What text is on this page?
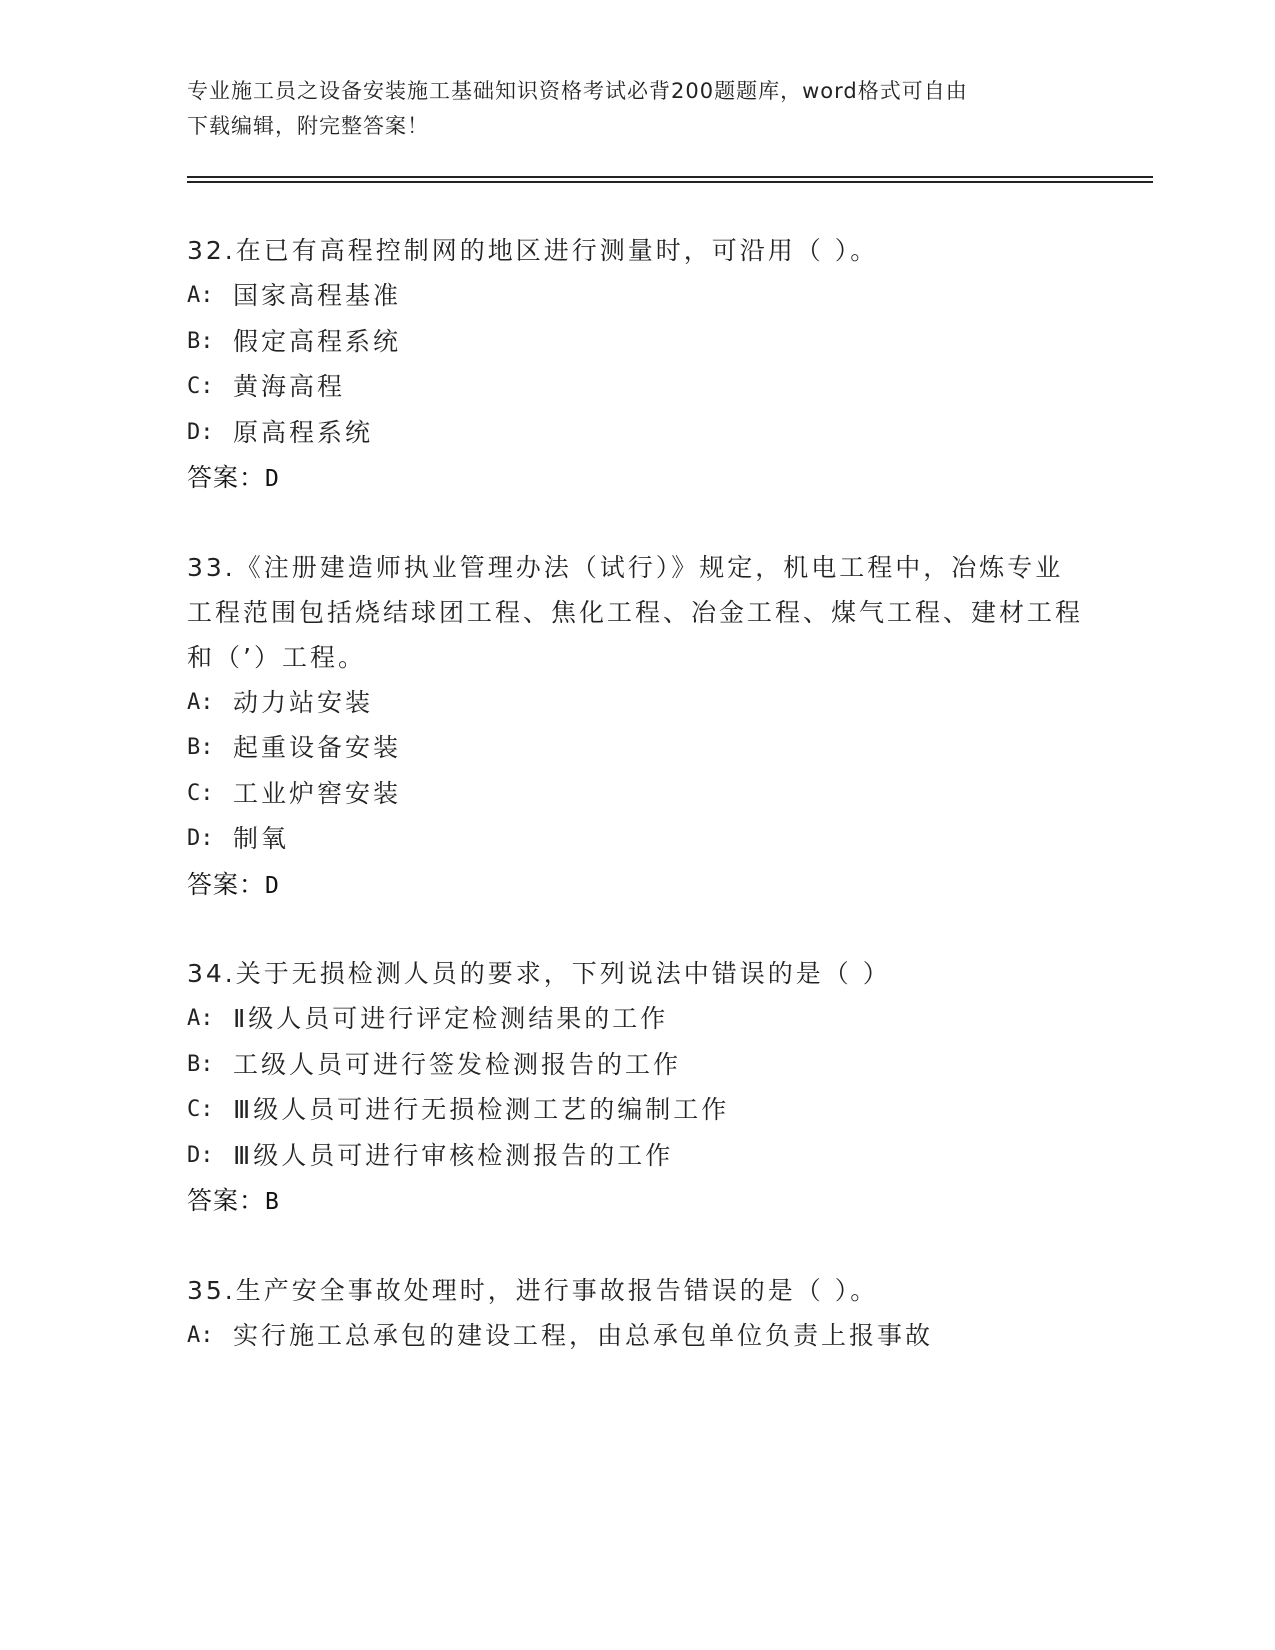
专业施工员之设备安装施工基础知识资格考试必背200题题库，word格式可自由
下载编辑，附完整答案！
32.在已有高程控制网的地区进行测量时，可沿用（ ）。
A: 国家高程基准
B: 假定高程系统
C: 黄海高程
D: 原高程系统
答案：D
33.《注册建造师执业管理办法（试行）》规定，机电工程中，冶炼专业工程范围包括烧结球团工程、焦化工程、冶金工程、煤气工程、建材工程和（’）工程。
A: 动力站安装
B: 起重设备安装
C: 工业炉窖安装
D: 制氧
答案：D
34.关于无损检测人员的要求，下列说法中错误的是（ ）
A: Ⅱ级人员可进行评定检测结果的工作
B: 工级人员可进行签发检测报告的工作
C: Ⅲ级人员可进行无损检测工艺的编制工作
D: Ⅲ级人员可进行审核检测报告的工作
答案：B
35.生产安全事故处理时，进行事故报告错误的是（ ）。
A: 实行施工总承包的建设工程，由总承包单位负责上报事故
